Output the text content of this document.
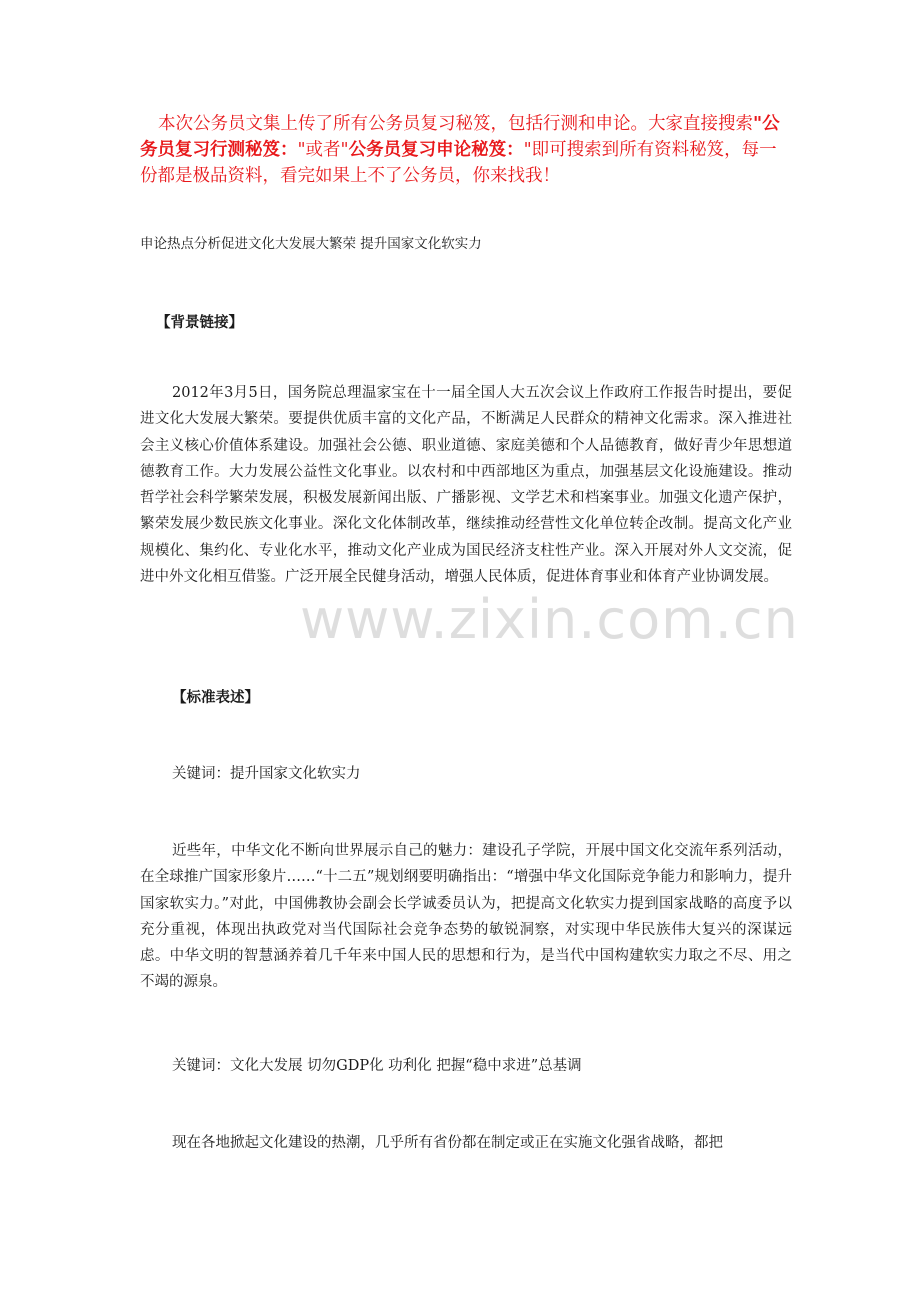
www.zixin.com.cn
本次公务员文集上传了所有公务员复习秘笈，包括行测和申论。大家直接搜索"公务员复习行测秘笈："或者"公务员复习申论秘笈："即可搜索到所有资料秘笈，每一份都是极品资料，看完如果上不了公务员，你来找我！
申论热点分析促进文化大发展大繁荣 提升国家文化软实力
【背景链接】
2012年3月5日，国务院总理温家宝在十一届全国人大五次会议上作政府工作报告时提出，要促进文化大发展大繁荣。要提供优质丰富的文化产品，不断满足人民群众的精神文化需求。深入推进社会主义核心价值体系建设。加强社会公德、职业道德、家庭美德和个人品德教育，做好青少年思想道德教育工作。大力发展公益性文化事业。以农村和中西部地区为重点，加强基层文化设施建设。推动哲学社会科学繁荣发展，积极发展新闻出版、广播影视、文学艺术和档案事业。加强文化遗产保护，繁荣发展少数民族文化事业。深化文化体制改革，继续推动经营性文化单位转企改制。提高文化产业规模化、集约化、专业化水平，推动文化产业成为国民经济支柱性产业。深入开展对外人文交流，促进中外文化相互借鉴。广泛开展全民健身活动，增强人民体质，促进体育事业和体育产业协调发展。
【标准表述】
关键词：提升国家文化软实力
近些年，中华文化不断向世界展示自己的魅力：建设孔子学院，开展中国文化交流年系列活动，在全球推广国家形象片……“十二五”规划纲要明确指出：“增强中华文化国际竞争能力和影响力，提升国家软实力。”对此，中国佛教协会副会长学诚委员认为，把提高文化软实力提到国家战略的高度予以充分重视，体现出执政党对当代国际社会竞争态势的敏锐洞察，对实现中华民族伟大复兴的深谋远虑。中华文明的智慧涵养着几千年来中国人民的思想和行为，是当代中国构建软实力取之不尽、用之不竭的源泉。
关键词：文化大发展 切勿GDP化 功利化 把握“稳中求进”总基调
现在各地掀起文化建设的热潮，几乎所有省份都在制定或正在实施文化强省战略，都把
